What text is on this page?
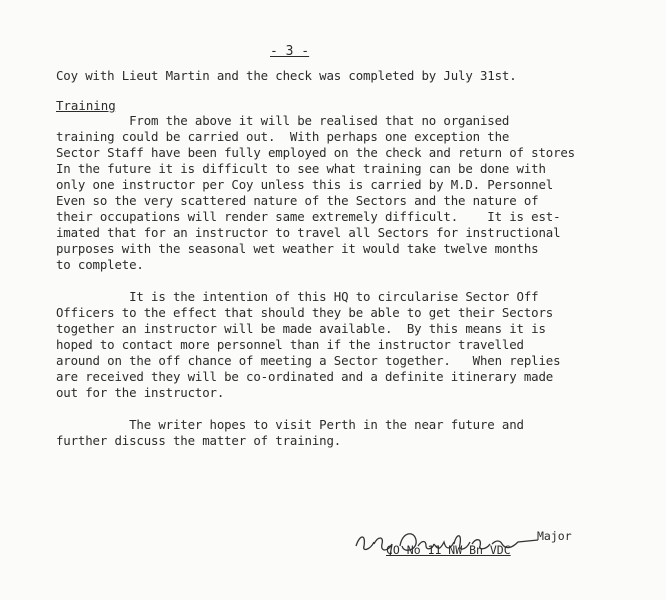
- 3 -
Coy with Lieut Martin and the check was completed by July 31st.
Training
From the above it will be realised that no organised
training could be carried out.  With perhaps one exception the
Sector Staff have been fully employed on the check and return of stores
In the future it is difficult to see what training can be done with
only one instructor per Coy unless this is carried by M.D. Personnel
Even so the very scattered nature of the Sectors and the nature of
their occupations will render same extremely difficult.    It is est-
imated that for an instructor to travel all Sectors for instructional
purposes with the seasonal wet weather it would take twelve months
to complete.
It is the intention of this HQ to circularise Sector Off
Officers to the effect that should they be able to get their Sectors
together an instructor will be made available.  By this means it is
hoped to contact more personnel than if the instructor travelled
around on the off chance of meeting a Sector together.   When replies
are received they will be co-ordinated and a definite itinerary made
out for the instructor.
The writer hopes to visit Perth in the near future and
further discuss the matter of training.
Major
CO No 11 NW Bn VDC
